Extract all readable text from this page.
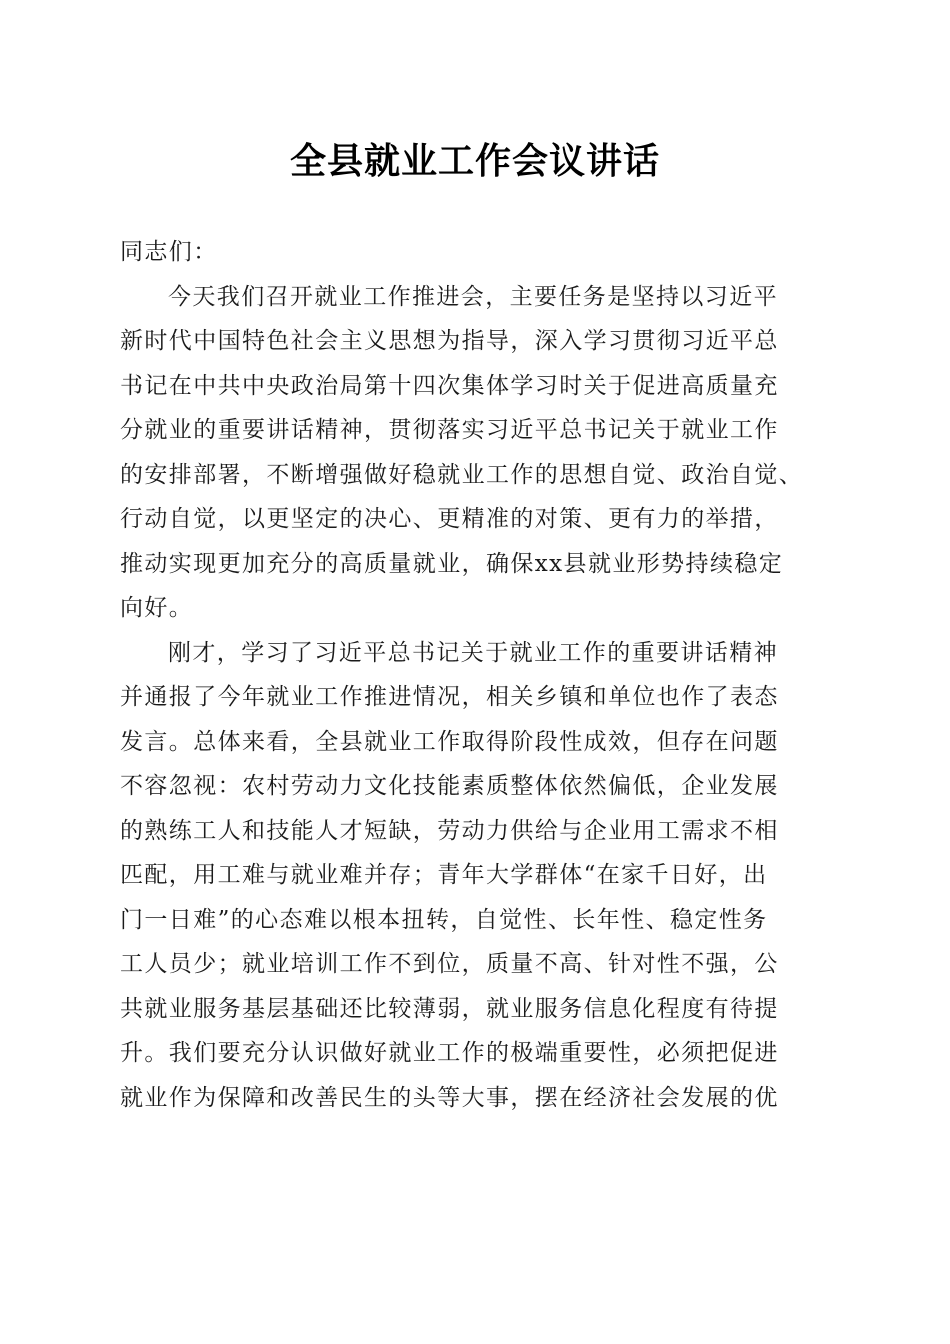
全县就业工作会议讲话
同志们：
今天我们召开就业工作推进会，主要任务是坚持以习近平
新时代中国特色社会主义思想为指导，深入学习贯彻习近平总
书记在中共中央政治局第十四次集体学习时关于促进高质量充
分就业的重要讲话精神，贯彻落实习近平总书记关于就业工作
的安排部署，不断增强做好稳就业工作的思想自觉、政治自觉、
行动自觉，以更坚定的决心、更精准的对策、更有力的举措，
推动实现更加充分的高质量就业，确保xx县就业形势持续稳定
向好。
刚才，学习了习近平总书记关于就业工作的重要讲话精神
并通报了今年就业工作推进情况，相关乡镇和单位也作了表态
发言。总体来看，全县就业工作取得阶段性成效，但存在问题
不容忽视：农村劳动力文化技能素质整体依然偏低，企业发展
的熟练工人和技能人才短缺，劳动力供给与企业用工需求不相
匹配，用工难与就业难并存；青年大学群体“在家千日好，出
门一日难”的心态难以根本扭转，自觉性、长年性、稳定性务
工人员少；就业培训工作不到位，质量不高、针对性不强，公
共就业服务基层基础还比较薄弱，就业服务信息化程度有待提
升。我们要充分认识做好就业工作的极端重要性，必须把促进
就业作为保障和改善民生的头等大事，摆在经济社会发展的优
